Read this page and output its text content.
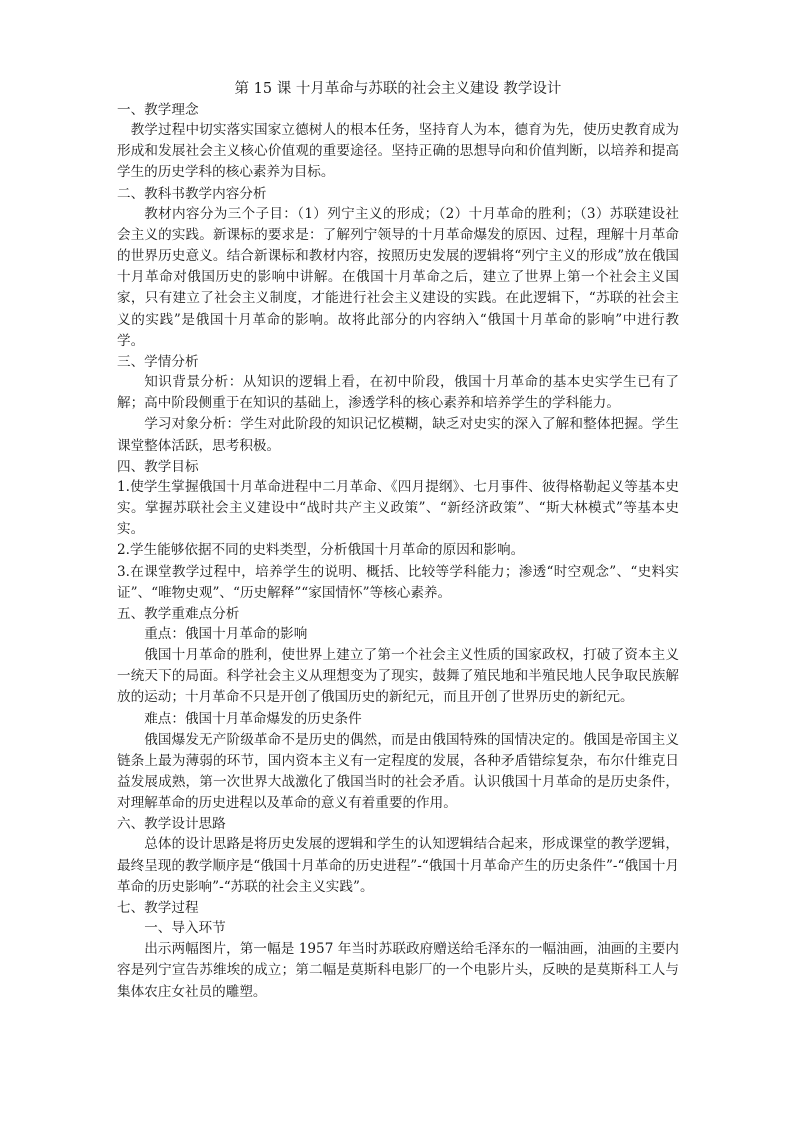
第 15 课 十月革命与苏联的社会主义建设 教学设计

一、教学理念

教学过程中切实落实国家立德树人的根本任务，坚持育人为本，德育为先，使历史教育成为形成和发展社会主义核心价值观的重要途径。坚持正确的思想导向和价值判断，以培养和提高学生的历史学科的核心素养为目标。

二、教科书教学内容分析

教材内容分为三个子目：（1）列宁主义的形成；（2）十月革命的胜利；（3）苏联建设社会主义的实践。新课标的要求是：了解列宁领导的十月革命爆发的原因、过程，理解十月革命的世界历史意义。结合新课标和教材内容，按照历史发展的逻辑将“列宁主义的形成”放在俄国十月革命对俄国历史的影响中讲解。在俄国十月革命之后，建立了世界上第一个社会主义国家，只有建立了社会主义制度，才能进行社会主义建设的实践。在此逻辑下，“苏联的社会主义的实践”是俄国十月革命的影响。故将此部分的内容纳入“俄国十月革命的影响”中进行教学。

三、学情分析

知识背景分析：从知识的逻辑上看，在初中阶段，俄国十月革命的基本史实学生已有了解；高中阶段侧重于在知识的基础上，渗透学科的核心素养和培养学生的学科能力。

学习对象分析：学生对此阶段的知识记忆模糊，缺乏对史实的深入了解和整体把握。学生课堂整体活跃，思考积极。

四、教学目标

1.使学生掌握俄国十月革命进程中二月革命、《四月提纲》、七月事件、彼得格勒起义等基本史实。掌握苏联社会主义建设中“战时共产主义政策”、“新经济政策”、“斯大林模式”等基本史实。

2.学生能够依据不同的史料类型，分析俄国十月革命的原因和影响。

3.在课堂教学过程中，培养学生的说明、概括、比较等学科能力；渗透“时空观念”、“史料实证”、“唯物史观”、“历史解释”“家国情怀”等核心素养。

五、教学重难点分析

重点：俄国十月革命的影响

俄国十月革命的胜利，使世界上建立了第一个社会主义性质的国家政权，打破了资本主义一统天下的局面。科学社会主义从理想变为了现实，鼓舞了殖民地和半殖民地人民争取民族解放的运动；十月革命不只是开创了俄国历史的新纪元，而且开创了世界历史的新纪元。

难点：俄国十月革命爆发的历史条件

俄国爆发无产阶级革命不是历史的偶然，而是由俄国特殊的国情决定的。俄国是帝国主义链条上最为薄弱的环节，国内资本主义有一定程度的发展，各种矛盾错综复杂，布尔什维克日益发展成熟，第一次世界大战激化了俄国当时的社会矛盾。认识俄国十月革命的是历史条件，对理解革命的历史进程以及革命的意义有着重要的作用。

六、教学设计思路

总体的设计思路是将历史发展的逻辑和学生的认知逻辑结合起来，形成课堂的教学逻辑，最终呈现的教学顺序是“俄国十月革命的历史进程”-“俄国十月革命产生的历史条件”-“俄国十月革命的历史影响”-“苏联的社会主义实践”。

七、教学过程

一、导入环节

出示两幅图片，第一幅是 1957 年当时苏联政府赠送给毛泽东的一幅油画，油画的主要内容是列宁宣告苏维埃的成立；第二幅是莫斯科电影厂的一个电影片头，反映的是莫斯科工人与集体农庄女社员的雕塑。
